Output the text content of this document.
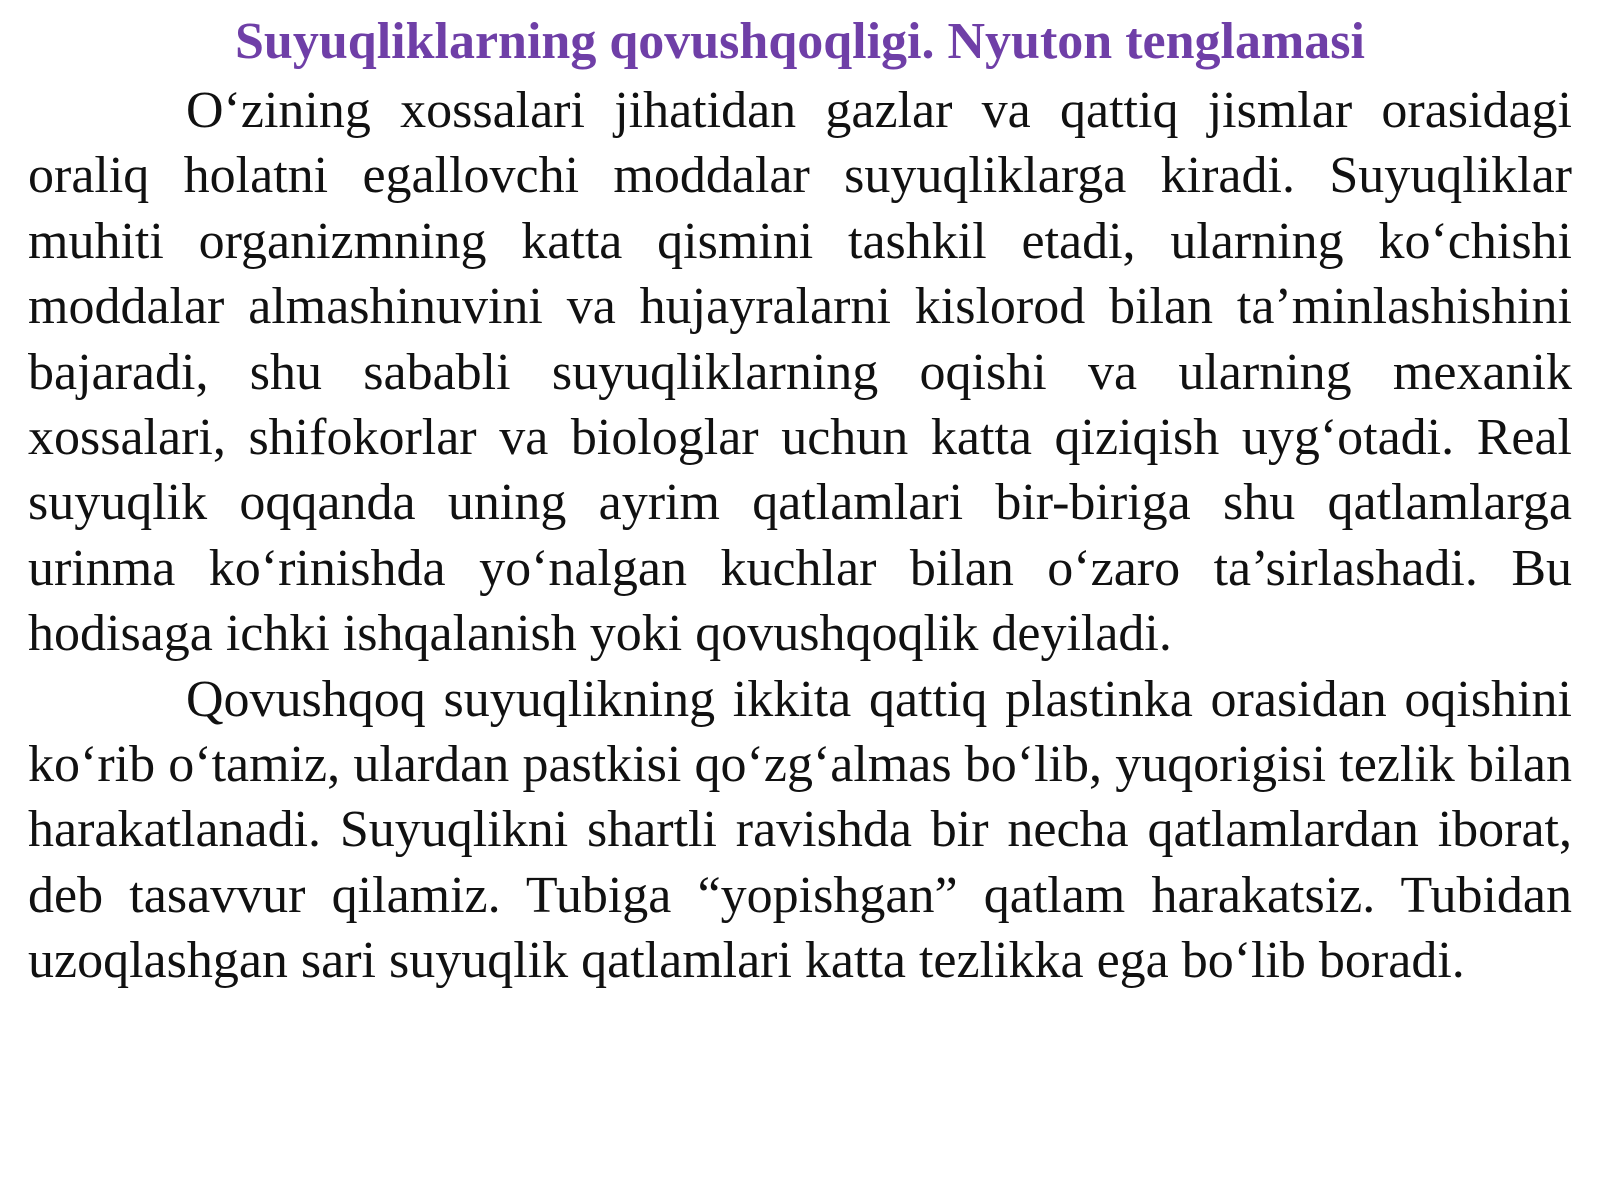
Suyuqliklarning qovushqoqligi. Nyuton tenglamasi

O‘zining xossalari jihatidan gazlar va qattiq jismlar orasidagi oraliq holatni egallovchi moddalar suyuqliklarga kiradi. Suyuqliklar muhiti organizmning katta qismini tashkil etadi, ularning ko‘chishi moddalar almashinuvini va hujayralarni kislorod bilan ta’minlashishini bajaradi, shu sababli suyuqliklarning oqishi va ularning mexanik xossalari, shifokorlar va biologlar uchun katta qiziqish uyg‘otadi. Real suyuqlik oqqanda uning ayrim qatlamlari bir-biriga shu qatlamlarga urinma ko‘rinishda yo‘nalgan kuchlar bilan o‘zaro ta’sirlashadi. Bu hodisaga ichki ishqalanish yoki qovushqoqlik deyiladi.

Qovushqoq suyuqlikning ikkita qattiq plastinka orasidan oqishini ko‘rib o‘tamiz, ulardan pastkisi qo‘zg‘almas bo‘lib, yuqorigisi tezlik bilan harakatlanadi. Suyuqlikni shartli ravishda bir necha qatlamlardan iborat, deb tasavvur qilamiz. Tubiga “yopishgan” qatlam harakatsiz. Tubidan uzoqlashgan sari suyuqlik qatlamlari katta tezlikka ega bo‘lib boradi.
